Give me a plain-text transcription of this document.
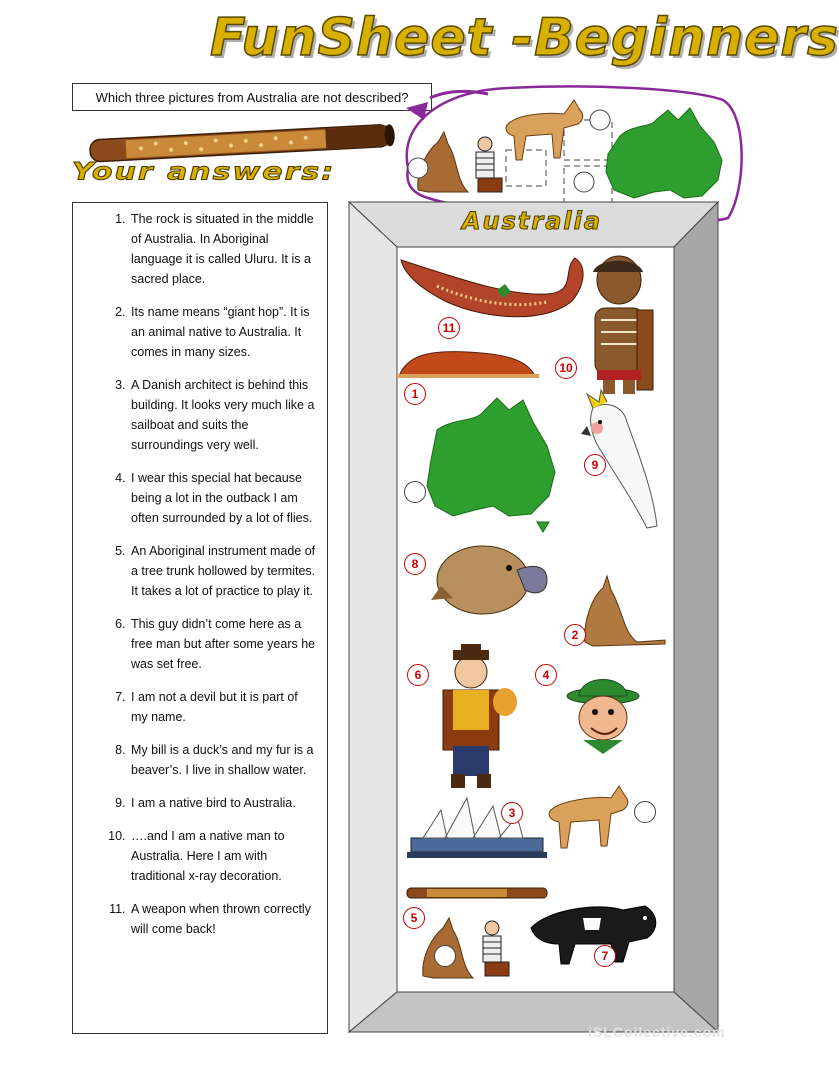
FunSheet -Beginners
Which three pictures from Australia are not described?
Your answers:
1. The rock is situated in the middle of Australia. In Aboriginal language it is called Uluru. It is a sacred place.
2. Its name means “giant hop”. It is an animal native to Australia. It comes in many sizes.
3. A Danish architect is behind this building. It looks very much like a sailboat and suits the surroundings very well.
4. I wear this special hat because being a lot in the outback I am often surrounded by a lot of flies.
5. An Aboriginal instrument made of a tree trunk hollowed by termites. It takes a lot of practice to play it.
6. This guy didn’t come here as a free man but after some years he was set free.
7. I am not a devil but it is part of my name.
8. My bill is a duck’s and my fur is a beaver’s. I live in shallow water.
9. I am a native bird to Australia.
10. ….and I am a native man to Australia. Here I am with traditional x-ray decoration.
11. A weapon when thrown correctly will come back!
Australia
11
10
1
9
8
2
6	4
3
5
7
iSLCollective.com
